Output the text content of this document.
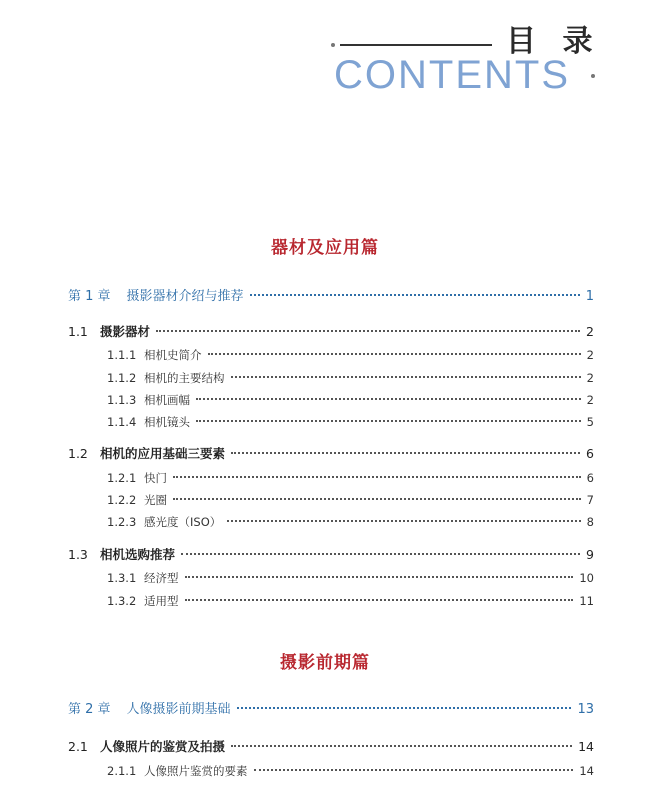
目 录
CONTENTS
器材及应用篇
第 1 章 摄影器材介绍与推荐	1
1.1 摄影器材	2
1.1.1 相机史简介	2
1.1.2 相机的主要结构	2
1.1.3 相机画幅	2
1.1.4 相机镜头	5
1.2 相机的应用基础三要素	6
1.2.1 快门	6
1.2.2 光圈	7
1.2.3 感光度（ISO）	8
1.3 相机选购推荐	9
1.3.1 经济型	10
1.3.2 适用型	11
摄影前期篇
第 2 章 人像摄影前期基础	13
2.1 人像照片的鉴赏及拍摄	14
2.1.1 人像照片鉴赏的要素	14
